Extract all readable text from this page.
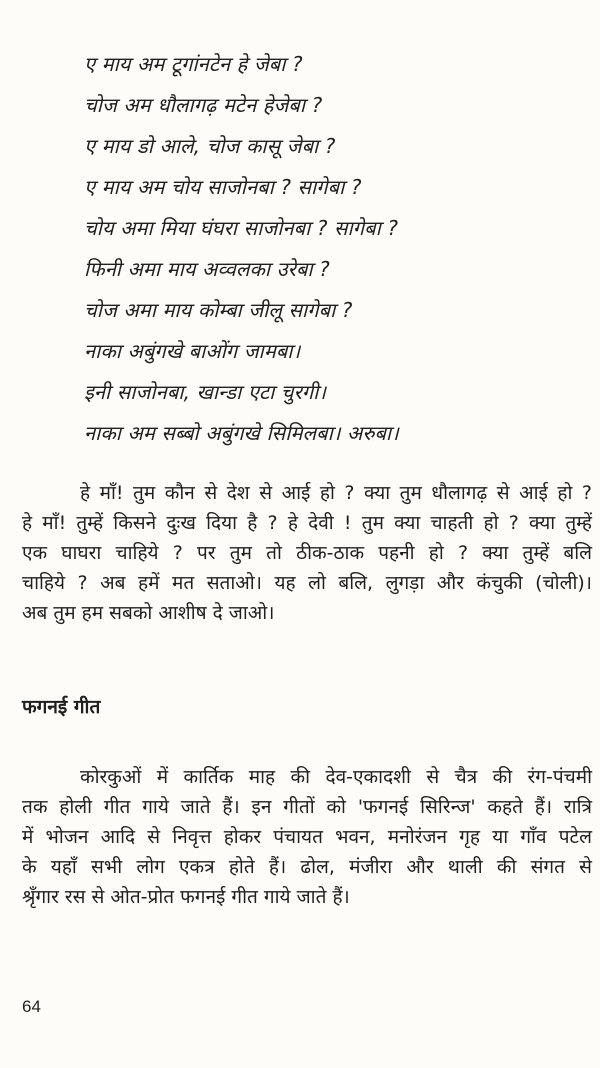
ए माय अम टूगांनटेन हे जेबा ?
चोज अम धौलागढ़ मटेन हेजेबा ?
ए माय डो आले, चोज कासू जेबा ?
ए माय अम चोय साजोनबा ? सागेबा ?
चोय अमा मिया घंघरा साजोनबा ? सागेबा ?
फिनी अमा माय अव्वलका उरेबा ?
चोज अमा माय कोम्बा जीलू सागेबा ?
नाका अबुंगखे बाओंग जामबा।
इनी साजोनबा, खान्डा एटा चुरगी।
नाका अम सब्बो अबुंगखे सिमिलबा। अरुबा।

हे माँ! तुम कौन से देश से आई हो ? क्या तुम धौलागढ़ से आई हो ?
हे माँ! तुम्हें किसने दुःख दिया है ? हे देवी ! तुम क्या चाहती हो ? क्या तुम्हें
एक घाघरा चाहिये ? पर तुम तो ठीक-ठाक पहनी हो ? क्या तुम्हें बलि
चाहिये ? अब हमें मत सताओ। यह लो बलि, लुगड़ा और कंचुकी (चोली)।
अब तुम हम सबको आशीष दे जाओ।

फगनई गीत

कोरकुओं में कार्तिक माह की देव-एकादशी से चैत्र की रंग-पंचमी
तक होली गीत गाये जाते हैं। इन गीतों को 'फगनई सिरिन्ज' कहते हैं। रात्रि
में भोजन आदि से निवृत्त होकर पंचायत भवन, मनोरंजन गृह या गाँव पटेल
के यहाँ सभी लोग एकत्र होते हैं। ढोल, मंजीरा और थाली की संगत से
श्रृँगार रस से ओत-प्रोत फगनई गीत गाये जाते हैं।

64
